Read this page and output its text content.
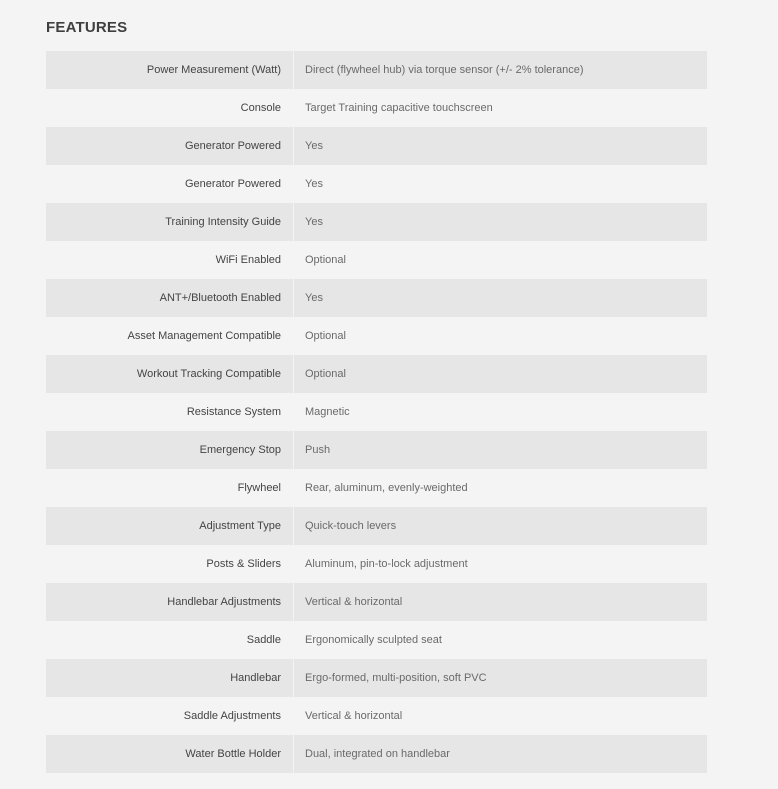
FEATURES
Power Measurement (Watt)	Direct (flywheel hub) via torque sensor (+/- 2% tolerance)
Console	Target Training capacitive touchscreen
Generator Powered	Yes
Generator Powered	Yes
Training Intensity Guide	Yes
WiFi Enabled	Optional
ANT+/Bluetooth Enabled	Yes
Asset Management Compatible	Optional
Workout Tracking Compatible	Optional
Resistance System	Magnetic
Emergency Stop	Push
Flywheel	Rear, aluminum, evenly-weighted
Adjustment Type	Quick-touch levers
Posts & Sliders	Aluminum, pin-to-lock adjustment
Handlebar Adjustments	Vertical & horizontal
Saddle	Ergonomically sculpted seat
Handlebar	Ergo-formed, multi-position, soft PVC
Saddle Adjustments	Vertical & horizontal
Water Bottle Holder	Dual, integrated on handlebar
